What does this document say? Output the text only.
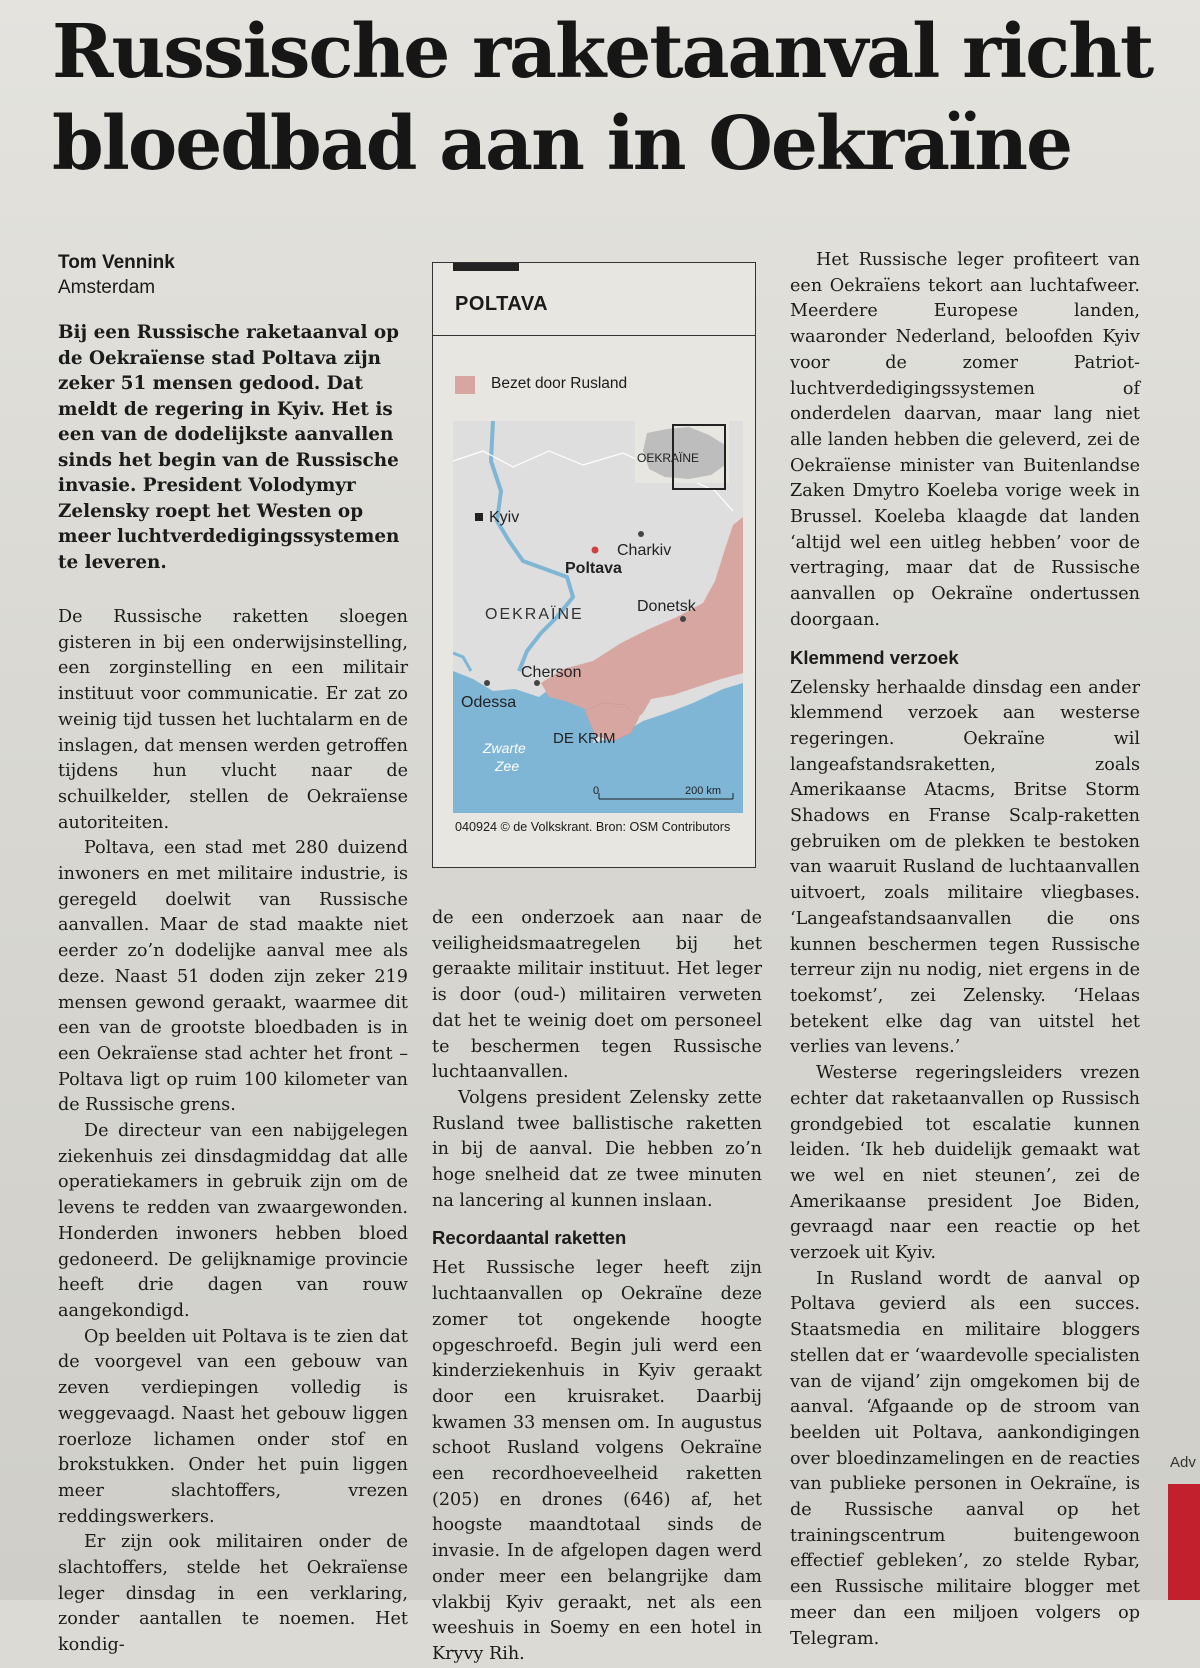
Russische raketaanval richt
bloedbad aan in Oekraïne
Tom Vennink
Amsterdam

Bij een Russische raketaanval op de Oekraïense stad Poltava zijn zeker 51 mensen gedood. Dat meldt de regering in Kyiv. Het is een van de dodelijkste aanvallen sinds het begin van de Russische invasie. President Volodymyr Zelensky roept het Westen op meer luchtverdedigingssystemen te leveren.

De Russische raketten sloegen gisteren in bij een onderwijsinstelling, een zorginstelling en een militair instituut voor communicatie. Er zat zo weinig tijd tussen het luchtalarm en de inslagen, dat mensen werden getroffen tijdens hun vlucht naar de schuilkelder, stellen de Oekraïense autoriteiten.

Poltava, een stad met 280 duizend inwoners en met militaire industrie, is geregeld doelwit van Russische aanvallen. Maar de stad maakte niet eerder zo’n dodelijke aanval mee als deze. Naast 51 doden zijn zeker 219 mensen gewond geraakt, waarmee dit een van de grootste bloedbaden is in een Oekraïense stad achter het front – Poltava ligt op ruim 100 kilometer van de Russische grens.

De directeur van een nabijgelegen ziekenhuis zei dinsdagmiddag dat alle operatiekamers in gebruik zijn om de levens te redden van zwaargewonden. Honderden inwoners hebben bloed gedoneerd. De gelijknamige provincie heeft drie dagen van rouw aangekondigd.

Op beelden uit Poltava is te zien dat de voorgevel van een gebouw van zeven verdiepingen volledig is weggevaagd. Naast het gebouw liggen roerloze lichamen onder stof en brokstukken. Onder het puin liggen meer slachtoffers, vrezen reddingswerkers.

Er zijn ook militairen onder de slachtoffers, stelde het Oekraïense leger dinsdag in een verklaring, zonder aantallen te noemen. Het kondig-

POLTAVA
Bezet door Rusland
OEKRAÏNE
Kyiv
Charkiv
Poltava
OEKRAÏNE	Donetsk
Cherson
Odessa
DE KRIM
Zwarte
Zee
0	200 km
040924 © de Volkskrant. Bron: OSM Contributors

de een onderzoek aan naar de veiligheidsmaatregelen bij het geraakte militair instituut. Het leger is door (oud-) militairen verweten dat het te weinig doet om personeel te beschermen tegen Russische luchtaanvallen.

Volgens president Zelensky zette Rusland twee ballistische raketten in bij de aanval. Die hebben zo’n hoge snelheid dat ze twee minuten na lancering al kunnen inslaan.

Recordaantal raketten

Het Russische leger heeft zijn luchtaanvallen op Oekraïne deze zomer tot ongekende hoogte opgeschroefd. Begin juli werd een kinderziekenhuis in Kyiv geraakt door een kruisraket. Daarbij kwamen 33 mensen om. In augustus schoot Rusland volgens Oekraïne een recordhoeveelheid raketten (205) en drones (646) af, het hoogste maandtotaal sinds de invasie. In de afgelopen dagen werd onder meer een belangrijke dam vlakbij Kyiv geraakt, net als een weeshuis in Soemy en een hotel in Kryvy Rih.

Het Russische leger profiteert van een Oekraïens tekort aan luchtafweer. Meerdere Europese landen, waaronder Nederland, beloofden Kyiv voor de zomer Patriot-luchtverdedigingssystemen of onderdelen daarvan, maar lang niet alle landen hebben die geleverd, zei de Oekraïense minister van Buitenlandse Zaken Dmytro Koeleba vorige week in Brussel. Koeleba klaagde dat landen ‘altijd wel een uitleg hebben’ voor de vertraging, maar dat de Russische aanvallen op Oekraïne ondertussen doorgaan.

Klemmend verzoek

Zelensky herhaalde dinsdag een ander klemmend verzoek aan westerse regeringen. Oekraïne wil langeafstandsraketten, zoals Amerikaanse Atacms, Britse Storm Shadows en Franse Scalp-raketten gebruiken om de plekken te bestoken van waaruit Rusland de luchtaanvallen uitvoert, zoals militaire vliegbases. ‘Langeafstandsaanvallen die ons kunnen beschermen tegen Russische terreur zijn nu nodig, niet ergens in de toekomst’, zei Zelensky. ‘Helaas betekent elke dag van uitstel het verlies van levens.’

Westerse regeringsleiders vrezen echter dat raketaanvallen op Russisch grondgebied tot escalatie kunnen leiden. ‘Ik heb duidelijk gemaakt wat we wel en niet steunen’, zei de Amerikaanse president Joe Biden, gevraagd naar een reactie op het verzoek uit Kyiv.

In Rusland wordt de aanval op Poltava gevierd als een succes. Staatsmedia en militaire bloggers stellen dat er ‘waardevolle specialisten van de vijand’ zijn omgekomen bij de aanval. ‘Afgaande op de stroom van beelden uit Poltava, aankondigingen over bloedinzamelingen en de reacties van publieke personen in Oekraïne, is de Russische aanval op het trainingscentrum buitengewoon effectief gebleken’, zo stelde Rybar, een Russische militaire blogger met meer dan een miljoen volgers op Telegram.

Adv
